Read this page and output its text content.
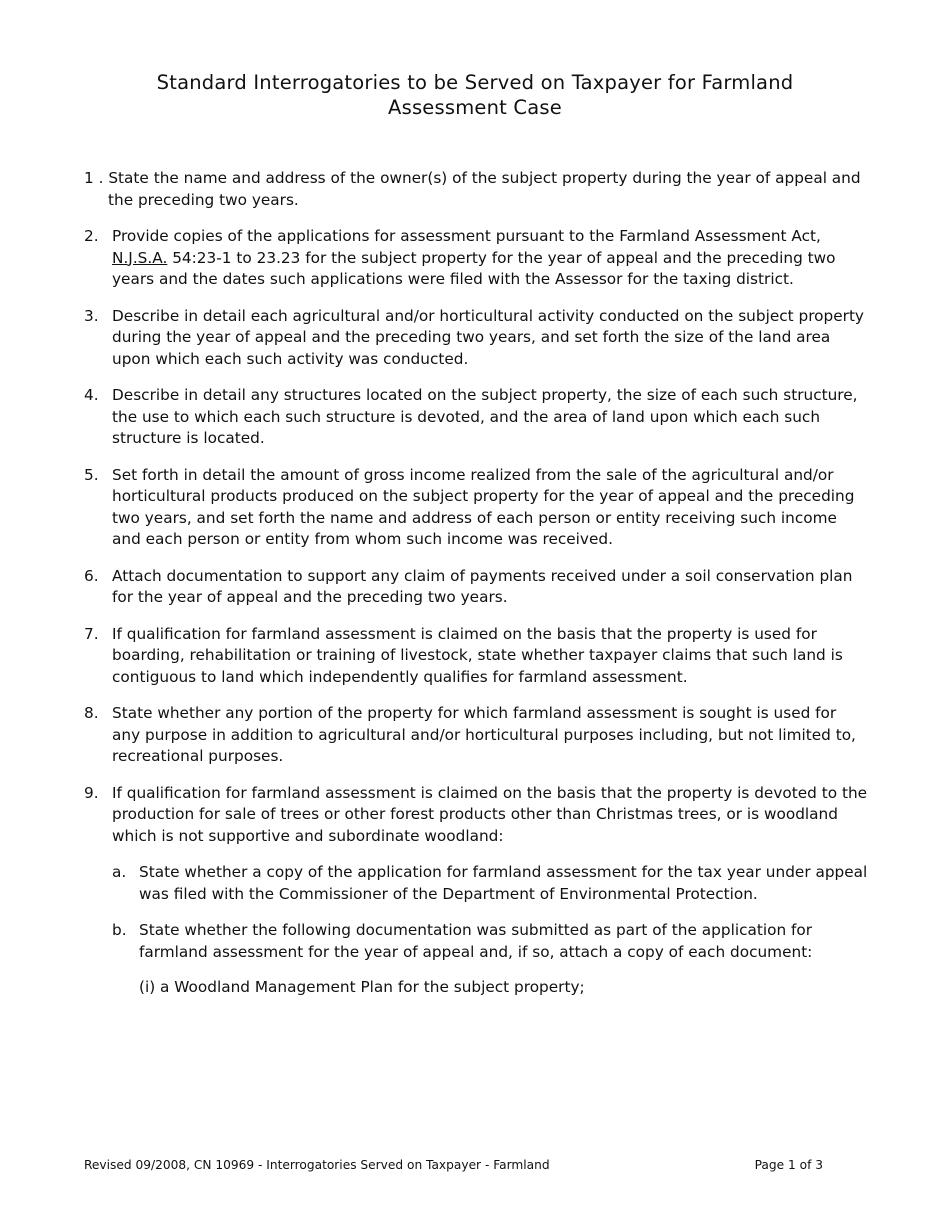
Standard Interrogatories to be Served on Taxpayer for Farmland Assessment Case
1 . State the name and address of the owner(s) of the subject property during the year of appeal and the preceding two years.
2. Provide copies of the applications for assessment pursuant to the Farmland Assessment Act, N.J.S.A. 54:23-1 to 23.23 for the subject property for the year of appeal and the preceding two years and the dates such applications were filed with the Assessor for the taxing district.
3. Describe in detail each agricultural and/or horticultural activity conducted on the subject property during the year of appeal and the preceding two years, and set forth the size of the land area upon which each such activity was conducted.
4. Describe in detail any structures located on the subject property, the size of each such structure, the use to which each such structure is devoted, and the area of land upon which each such structure is located.
5. Set forth in detail the amount of gross income realized from the sale of the agricultural and/or horticultural products produced on the subject property for the year of appeal and the preceding two years, and set forth the name and address of each person or entity receiving such income and each person or entity from whom such income was received.
6. Attach documentation to support any claim of payments received under a soil conservation plan for the year of appeal and the preceding two years.
7. If qualification for farmland assessment is claimed on the basis that the property is used for boarding, rehabilitation or training of livestock, state whether taxpayer claims that such land is contiguous to land which independently qualifies for farmland assessment.
8. State whether any portion of the property for which farmland assessment is sought is used for any purpose in addition to agricultural and/or horticultural purposes including, but not limited to, recreational purposes.
9. If qualification for farmland assessment is claimed on the basis that the property is devoted to the production for sale of trees or other forest products other than Christmas trees, or is woodland which is not supportive and subordinate woodland:
a. State whether a copy of the application for farmland assessment for the tax year under appeal was filed with the Commissioner of the Department of Environmental Protection.
b. State whether the following documentation was submitted as part of the application for farmland assessment for the year of appeal and, if so, attach a copy of each document:
(i) a Woodland Management Plan for the subject property;
Revised 09/2008, CN 10969 - Interrogatories Served on Taxpayer - Farmland	Page 1 of 3
